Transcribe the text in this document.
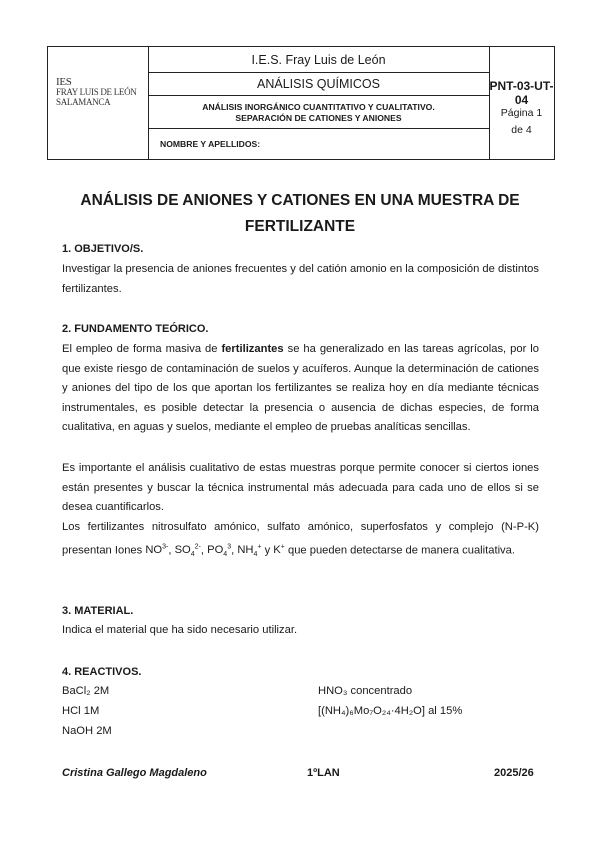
IES
FRAY LUIS DE LEÓN
SALAMANCA
I.E.S. Fray Luis de León
ANÁLISIS QUÍMICOS
ANÁLISIS INORGÁNICO CUANTITATIVO Y CUALITATIVO.
SEPARACIÓN DE CATIONES Y ANIONES
NOMBRE Y APELLIDOS:
PNT-03-UT-04
Página 1
de 4
ANÁLISIS DE ANIONES Y CATIONES EN UNA MUESTRA DE
FERTILIZANTE
1. OBJETIVO/S.
Investigar la presencia de aniones frecuentes y del catión amonio en la composición de distintos fertilizantes.
2. FUNDAMENTO TEÓRICO.
El empleo de forma masiva de fertilizantes se ha generalizado en las tareas agrícolas, por lo que existe riesgo de contaminación de suelos y acuíferos. Aunque la determinación de cationes y aniones del tipo de los que aportan los fertilizantes se realiza hoy en día mediante técnicas instrumentales, es posible detectar la presencia o ausencia de dichas especies, de forma cualitativa, en aguas y suelos, mediante el empleo de pruebas analíticas sencillas.
Es importante el análisis cualitativo de estas muestras porque permite conocer si ciertos iones están presentes y buscar la técnica instrumental más adecuada para cada uno de ellos si se desea cuantificarlos.
Los fertilizantes nitrosulfato amónico, sulfato amónico, superfosfatos y complejo (N-P-K) presentan Iones $NO^{3-}$, $SO_4^{2-}$, $PO_4^3$, $NH_4^+$ y K+ que pueden detectarse de manera cualitativa.
3. MATERIAL.
Indica el material que ha sido necesario utilizar.
4. REACTIVOS.
BaCl₂ 2M
HCl 1M
NaOH 2M
HNO₃ concentrado
[(NH₄)₆Mo₇O₂₄·4H₂O] al 15%
Cristina Gallego Magdaleno	1ºLAN	2025/26
